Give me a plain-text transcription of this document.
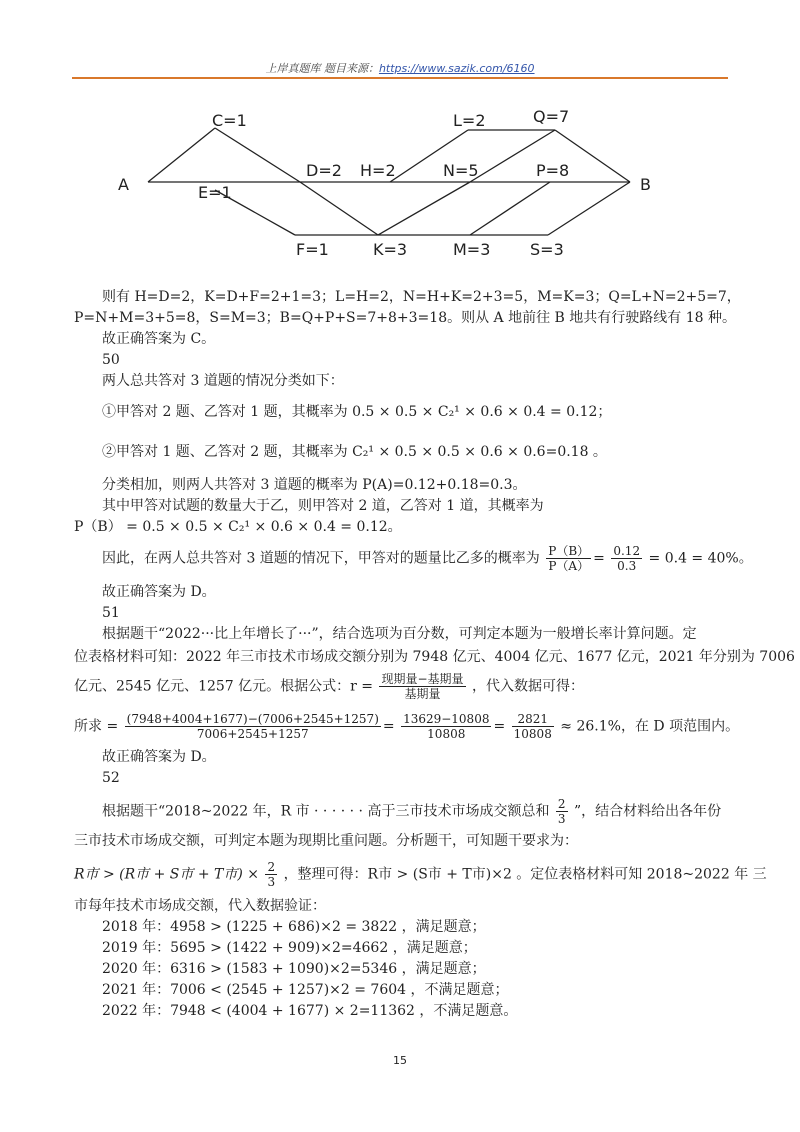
上岸真题库 题目来源：https://www.sazik.com/6160
A	B
C=1
D=2
E=1
F=1
H=2
K=3
L=2
N=5
M=3
Q=7
P=8
S=3
则有 H=D=2，K=D+F=2+1=3；L=H=2，N=H+K=2+3=5，M=K=3；Q=L+N=2+5=7，
P=N+M=3+5=8，S=M=3；B=Q+P+S=7+8+3=18。则从 A 地前往 B 地共有行驶路线有 18 种。
故正确答案为 C。
50
两人总共答对 3 道题的情况分类如下：
①甲答对 2 题、乙答对 1 题，其概率为 0.5 × 0.5 × C₂¹ × 0.6 × 0.4 = 0.12；
②甲答对 1 题、乙答对 2 题，其概率为 C₂¹ × 0.5 × 0.5 × 0.6 × 0.6=0.18 。
分类相加，则两人共答对 3 道题的概率为 P(A)=0.12+0.18=0.3。
其中甲答对试题的数量大于乙，则甲答对 2 道，乙答对 1 道，其概率为
P（B） = 0.5 × 0.5 × C₂¹ × 0.6 × 0.4 = 0.12。
因此，在两人总共答对 3 道题的情况下，甲答对的题量比乙多的概率为 $\frac{P(B)}{P(A)} = \frac{0.12}{0.3} = 0.4 = 40\%$。
故正确答案为 D。
51
根据题干“2022···比上年增长了···”，结合选项为百分数，可判定本题为一般增长率计算问题。定
位表格材料可知：2022 年三市技术市场成交额分别为 7948 亿元、4004 亿元、1677 亿元，2021 年分别为 7006
亿元、2545 亿元、1257 亿元。根据公式：$r = \frac{\text{现期量−基期量}}{\text{基期量}}$ ，代入数据可得：
所求 = $\frac{(7948+4004+1677)-(7006+2545+1257)}{7006+2545+1257} = \frac{13629-10808}{10808} = \frac{2821}{10808} \approx 26.1\%$，在 D 项范围内。
故正确答案为 D。
52
根据题干“2018~2022 年，R 市 · · · · · · 高于三市技术市场成交额总和 $\frac{2}{3}$ ”，结合材料给出各年份
三市技术市场成交额，可判定本题为现期比重问题。分析题干，可知题干要求为：
R市 > (R市 + S市 + T市) × $\frac{2}{3}$ ，整理可得：R市 > (S市 + T市)×2 。定位表格材料可知 2018~2022 年 三
市每年技术市场成交额，代入数据验证：
2018 年：4958 > (1225 + 686)×2 = 3822 ，满足题意；
2019 年：5695 > (1422 + 909)×2=4662 ，满足题意；
2020 年：6316 > (1583 + 1090)×2=5346 ，满足题意；
2021 年：7006 < (2545 + 1257)×2 = 7604 ，不满足题意；
2022 年：7948 < (4004 + 1677) × 2=11362 ，不满足题意。
15
